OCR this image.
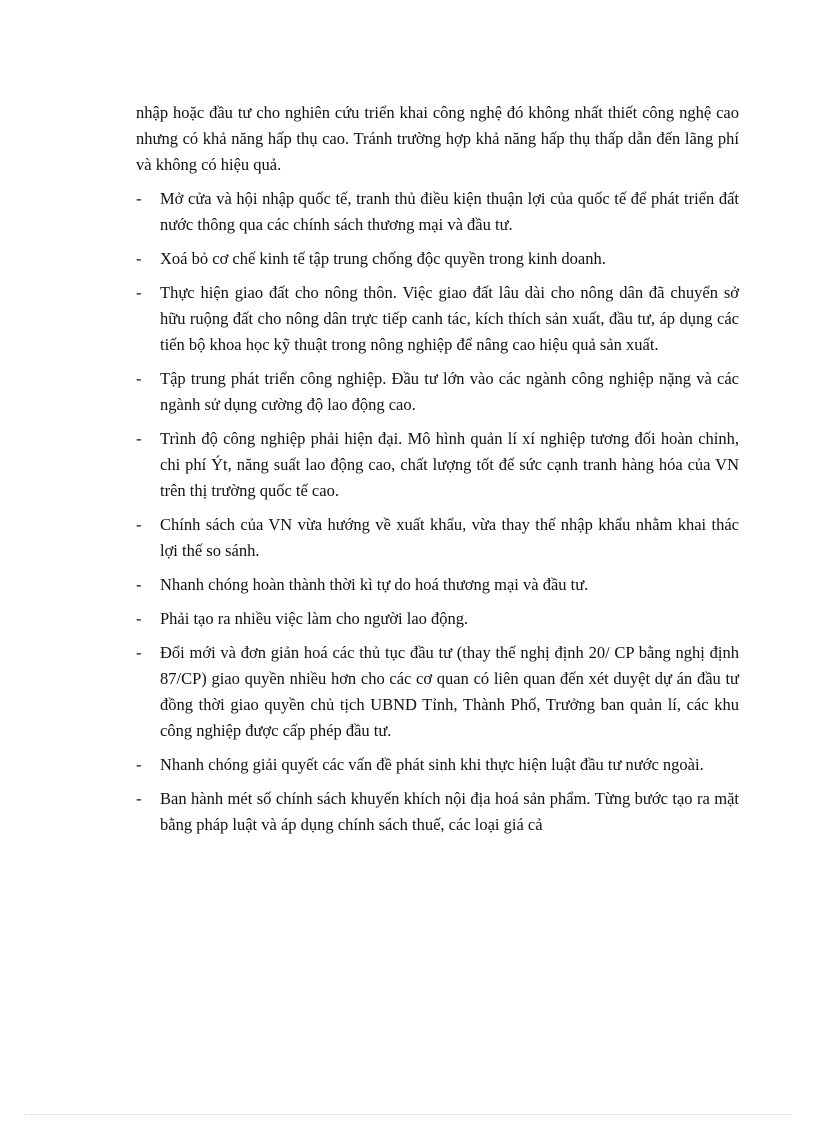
nhập hoặc đầu tư cho nghiên cứu triển khai công nghệ đó không nhất thiết công nghệ cao nhưng có khả năng hấp thụ cao. Tránh trường hợp khả năng hấp thụ thấp dẫn đến lãng phí và không có hiệu quả.

- Mở cửa và hội nhập quốc tế, tranh thủ điều kiện thuận lợi của quốc tế để phát triển đất nước thông qua các chính sách thương mại và đầu tư.
- Xoá bỏ cơ chế kinh tế tập trung chống độc quyền trong kinh doanh.
- Thực hiện giao đất cho nông thôn. Việc giao đất lâu dài cho nông dân đã chuyển sở hữu ruộng đất cho nông dân trực tiếp canh tác, kích thích sản xuất, đầu tư, áp dụng các tiến bộ khoa học kỹ thuật trong nông nghiệp để nâng cao hiệu quả sản xuất.
- Tập trung phát triển công nghiệp. Đầu tư lớn vào các ngành công nghiệp nặng và các ngành sử dụng cường độ lao động cao.
- Trình độ công nghiệp phải hiện đại. Mô hình quản lí xí nghiệp tương đối hoàn chỉnh, chi phí Ýt, năng suất lao động cao, chất lượng tốt để sức cạnh tranh hàng hóa của VN trên thị trường quốc tế cao.
- Chính sách của VN vừa hướng về xuất khẩu, vừa thay thế nhập khẩu nhằm khai thác lợi thế so sánh.
- Nhanh chóng hoàn thành thời kì tự do hoá thương mại và đầu tư.
- Phải tạo ra nhiều việc làm cho người lao động.
- Đổi mới và đơn giản hoá các thủ tục đầu tư (thay thế nghị định 20/ CP bằng nghị định 87/CP) giao quyền nhiều hơn cho các cơ quan có liên quan đến xét duyệt dự án đầu tư đồng thời giao quyền chủ tịch UBND Tỉnh, Thành Phố, Trưởng ban quản lí, các khu công nghiệp được cấp phép đầu tư.
- Nhanh chóng giải quyết các vấn đề phát sinh khi thực hiện luật đầu tư nước ngoài.
- Ban hành mét số chính sách khuyến khích nội địa hoá sản phẩm. Từng bước tạo ra mặt bằng pháp luật và áp dụng chính sách thuế, các loại giá cả
